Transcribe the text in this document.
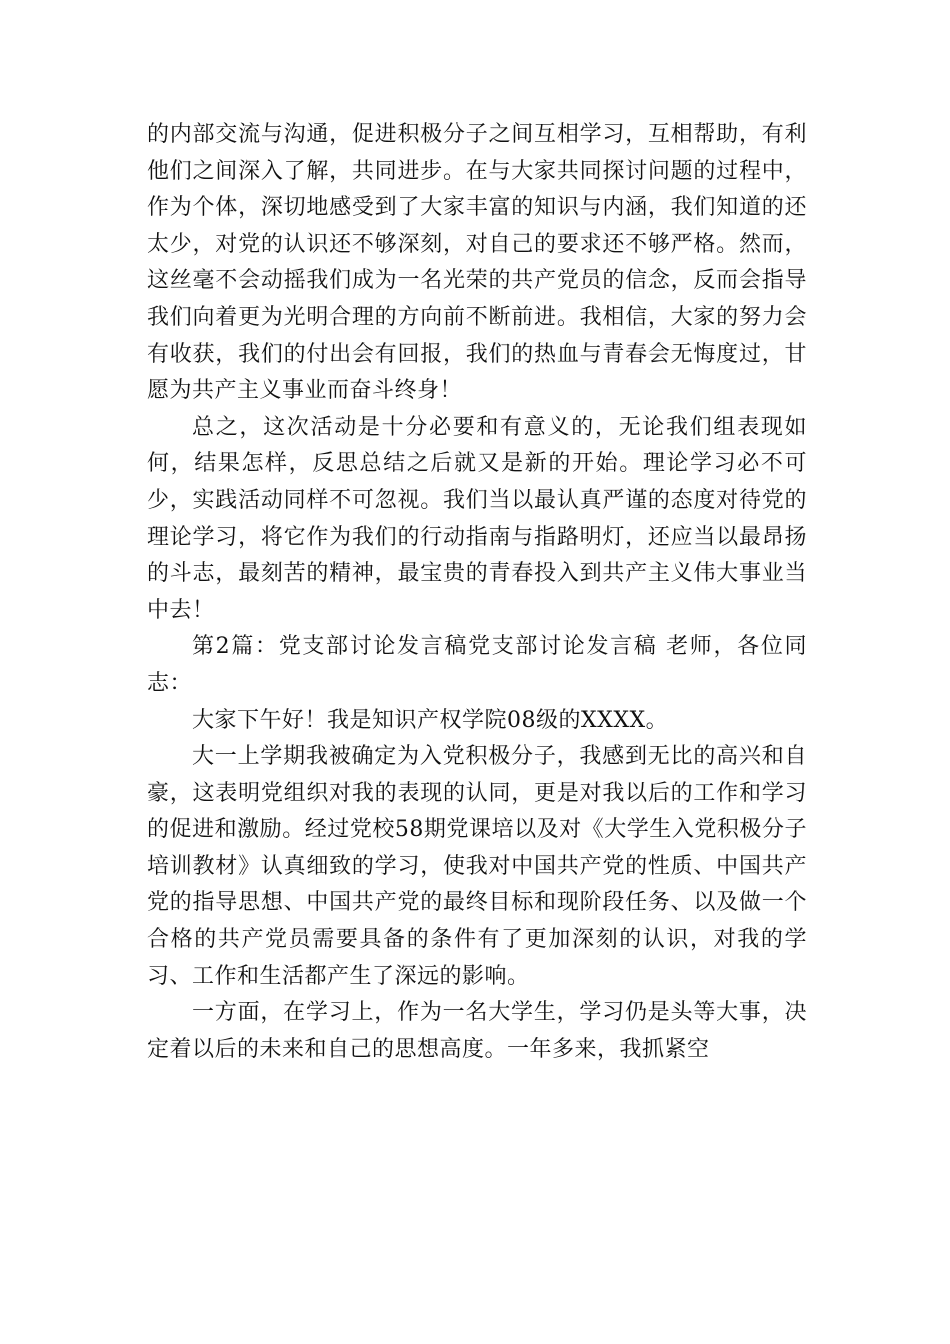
的内部交流与沟通，促进积极分子之间互相学习，互相帮助，有利他们之间深入了解，共同进步。在与大家共同探讨问题的过程中，作为个体，深切地感受到了大家丰富的知识与内涵，我们知道的还太少，对党的认识还不够深刻，对自己的要求还不够严格。然而，这丝毫不会动摇我们成为一名光荣的共产党员的信念，反而会指导我们向着更为光明合理的方向前不断前进。我相信，大家的努力会有收获，我们的付出会有回报，我们的热血与青春会无悔度过，甘愿为共产主义事业而奋斗终身！

总之，这次活动是十分必要和有意义的，无论我们组表现如何，结果怎样，反思总结之后就又是新的开始。理论学习必不可少，实践活动同样不可忽视。我们当以最认真严谨的态度对待党的理论学习，将它作为我们的行动指南与指路明灯，还应当以最昂扬的斗志，最刻苦的精神，最宝贵的青春投入到共产主义伟大事业当中去！

第2篇：党支部讨论发言稿党支部讨论发言稿 老师，各位同志：

大家下午好！我是知识产权学院08级的XXXX。

大一上学期我被确定为入党积极分子，我感到无比的高兴和自豪，这表明党组织对我的表现的认同，更是对我以后的工作和学习的促进和激励。经过党校58期党课培以及对《大学生入党积极分子培训教材》认真细致的学习，使我对中国共产党的性质、中国共产党的指导思想、中国共产党的最终目标和现阶段任务、以及做一个合格的共产党员需要具备的条件有了更加深刻的认识，对我的学习、工作和生活都产生了深远的影响。

一方面，在学习上，作为一名大学生，学习仍是头等大事，决定着以后的未来和自己的思想高度。一年多来，我抓紧空
